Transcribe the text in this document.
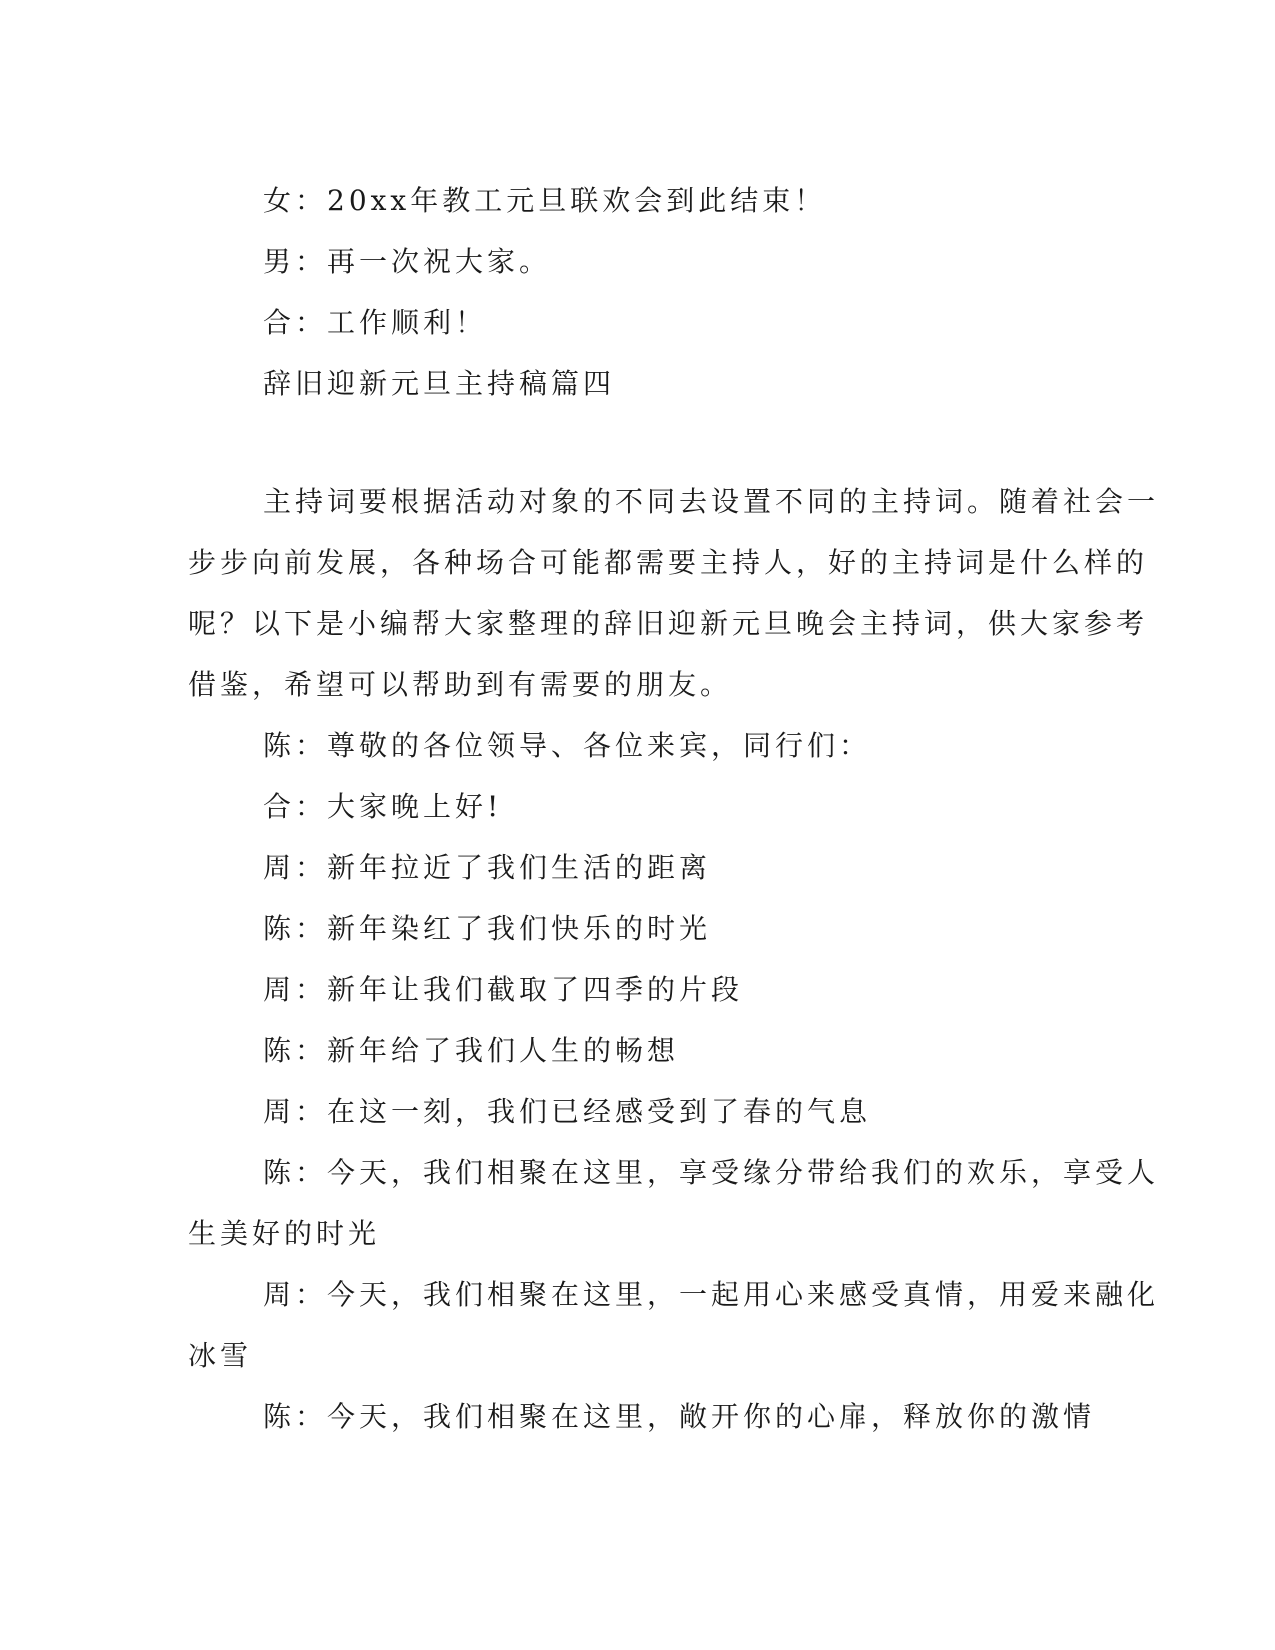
女：20xx年教工元旦联欢会到此结束！
男：再一次祝大家。
合：工作顺利！
辞旧迎新元旦主持稿篇四
主持词要根据活动对象的不同去设置不同的主持词。随着社会一
步步向前发展，各种场合可能都需要主持人，好的主持词是什么样的
呢？以下是小编帮大家整理的辞旧迎新元旦晚会主持词，供大家参考
借鉴，希望可以帮助到有需要的朋友。
陈：尊敬的各位领导、各位来宾，同行们：
合：大家晚上好!
周：新年拉近了我们生活的距离
陈：新年染红了我们快乐的时光
周：新年让我们截取了四季的片段
陈：新年给了我们人生的畅想
周：在这一刻，我们已经感受到了春的气息
陈：今天，我们相聚在这里，享受缘分带给我们的欢乐，享受人
生美好的时光
周：今天，我们相聚在这里，一起用心来感受真情，用爱来融化
冰雪
陈：今天，我们相聚在这里，敞开你的心扉，释放你的激情
